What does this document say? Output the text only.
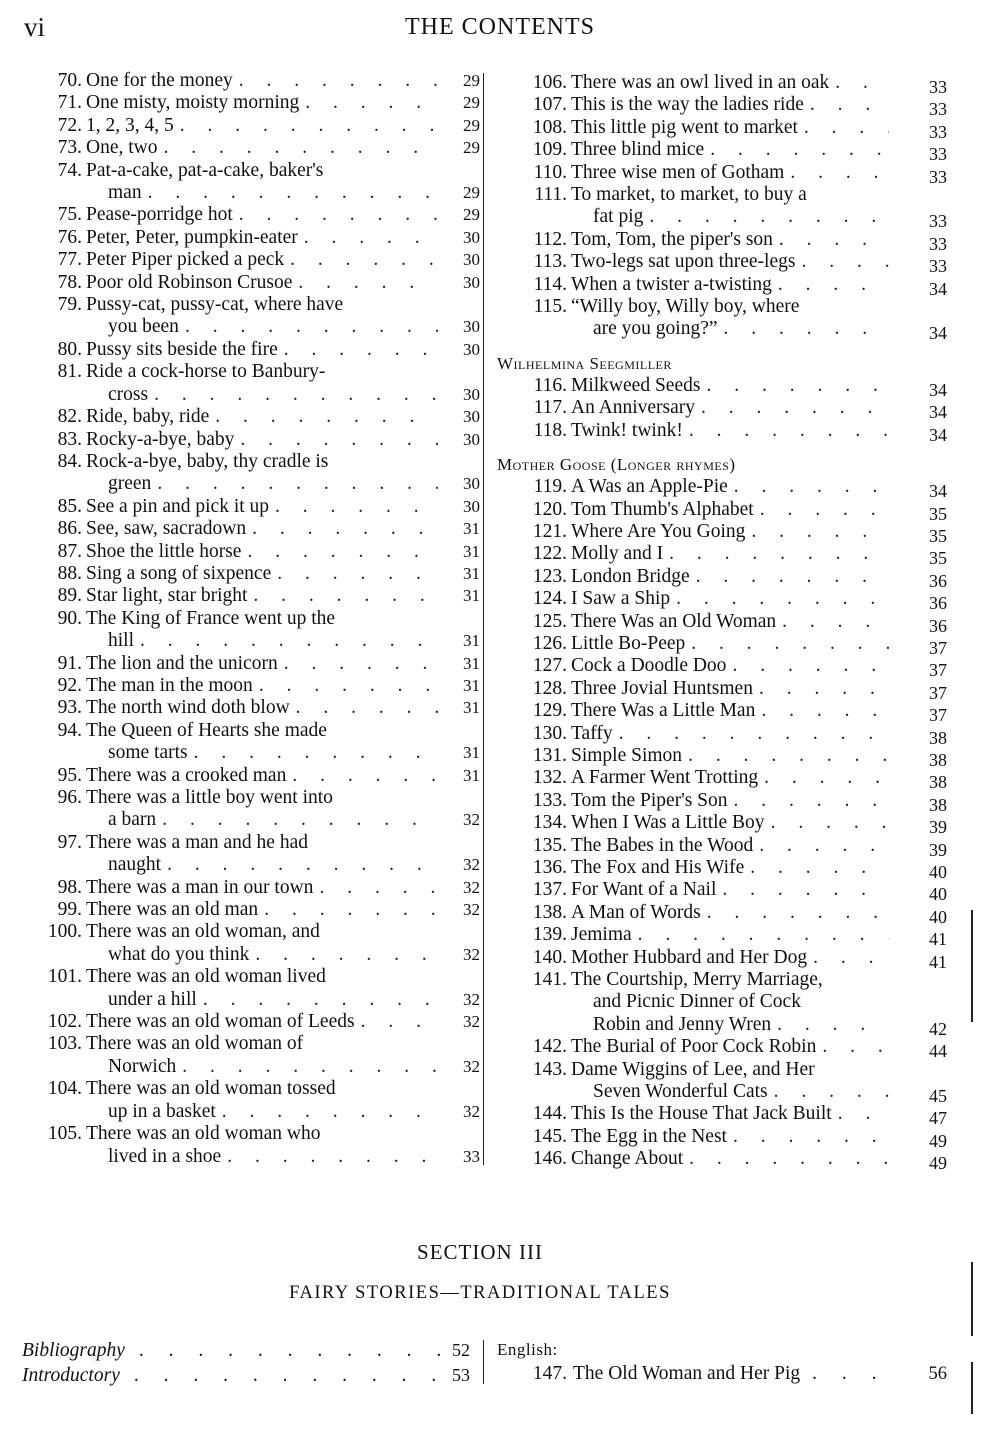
vi	THE CONTENTS
70. One for the money . . .	29
71. One misty, moisty morning . . .	29
72. 1, 2, 3, 4, 5 . . .	29
73. One, two . . .	29
74. Pat-a-cake, pat-a-cake, baker's
man . . .	29
75. Pease-porridge hot . . .	29
76. Peter, Peter, pumpkin-eater . . .	30
77. Peter Piper picked a peck . . .	30
78. Poor old Robinson Crusoe . . .	30
79. Pussy-cat, pussy-cat, where have
you been . . .	30
80. Pussy sits beside the fire . . .	30
81. Ride a cock-horse to Banbury-
cross . . .	30
82. Ride, baby, ride . . .	30
83. Rocky-a-bye, baby . . .	30
84. Rock-a-bye, baby, thy cradle is
green . . .	30
85. See a pin and pick it up . . .	30
86. See, saw, sacradown . . .	31
87. Shoe the little horse . . .	31
88. Sing a song of sixpence . . .	31
89. Star light, star bright . . .	31
90. The King of France went up the
hill . . .	31
91. The lion and the unicorn . . .	31
92. The man in the moon . . .	31
93. The north wind doth blow . . .	31
94. The Queen of Hearts she made
some tarts . . .	31
95. There was a crooked man . . .	31
96. There was a little boy went into
a barn . . .	32
97. There was a man and he had
naught . . .	32
98. There was a man in our town . . .	32
99. There was an old man . . .	32
100. There was an old woman, and
what do you think . . .	32
101. There was an old woman lived
under a hill . . .	32
102. There was an old woman of Leeds . . .	32
103. There was an old woman of
Norwich . . .	32
104. There was an old woman tossed
up in a basket . . .	32
105. There was an old woman who
lived in a shoe . . .	33
106. There was an owl lived in an oak . . .	33
107. This is the way the ladies ride . . .	33
108. This little pig went to market . . .	33
109. Three blind mice . . .	33
110. Three wise men of Gotham . . .	33
111. To market, to market, to buy a
fat pig . . .	33
112. Tom, Tom, the piper's son . . .	33
113. Two-legs sat upon three-legs . . .	33
114. When a twister a-twisting . . .	34
115. “Willy boy, Willy boy, where
are you going?” . . .	34
Wilhelmina Seegmiller
116. Milkweed Seeds . . .	34
117. An Anniversary . . .	34
118. Twink! twink! . . .	34
Mother Goose (Longer rhymes)
119. A Was an Apple-Pie . . .	34
120. Tom Thumb's Alphabet . . .	35
121. Where Are You Going . . .	35
122. Molly and I . . .	35
123. London Bridge . . .	36
124. I Saw a Ship . . .	36
125. There Was an Old Woman . . .	36
126. Little Bo-Peep . . .	37
127. Cock a Doodle Doo . . .	37
128. Three Jovial Huntsmen . . .	37
129. There Was a Little Man . . .	37
130. Taffy . . .	38
131. Simple Simon . . .	38
132. A Farmer Went Trotting . . .	38
133. Tom the Piper's Son . . .	38
134. When I Was a Little Boy . . .	39
135. The Babes in the Wood . . .	39
136. The Fox and His Wife . . .	40
137. For Want of a Nail . . .	40
138. A Man of Words . . .	40
139. Jemima . . .	41
140. Mother Hubbard and Her Dog . . .	41
141. The Courtship, Merry Marriage,
and Picnic Dinner of Cock
Robin and Jenny Wren . . .	42
142. The Burial of Poor Cock Robin . . .	44
143. Dame Wiggins of Lee, and Her
Seven Wonderful Cats . . .	45
144. This Is the House That Jack Built . . .	47
145. The Egg in the Nest . . .	49
146. Change About . . .	49
SECTION III
FAIRY STORIES—TRADITIONAL TALES
Bibliography . . .	52
Introductory . . .	53
English:
147. The Old Woman and Her Pig . . .	56
